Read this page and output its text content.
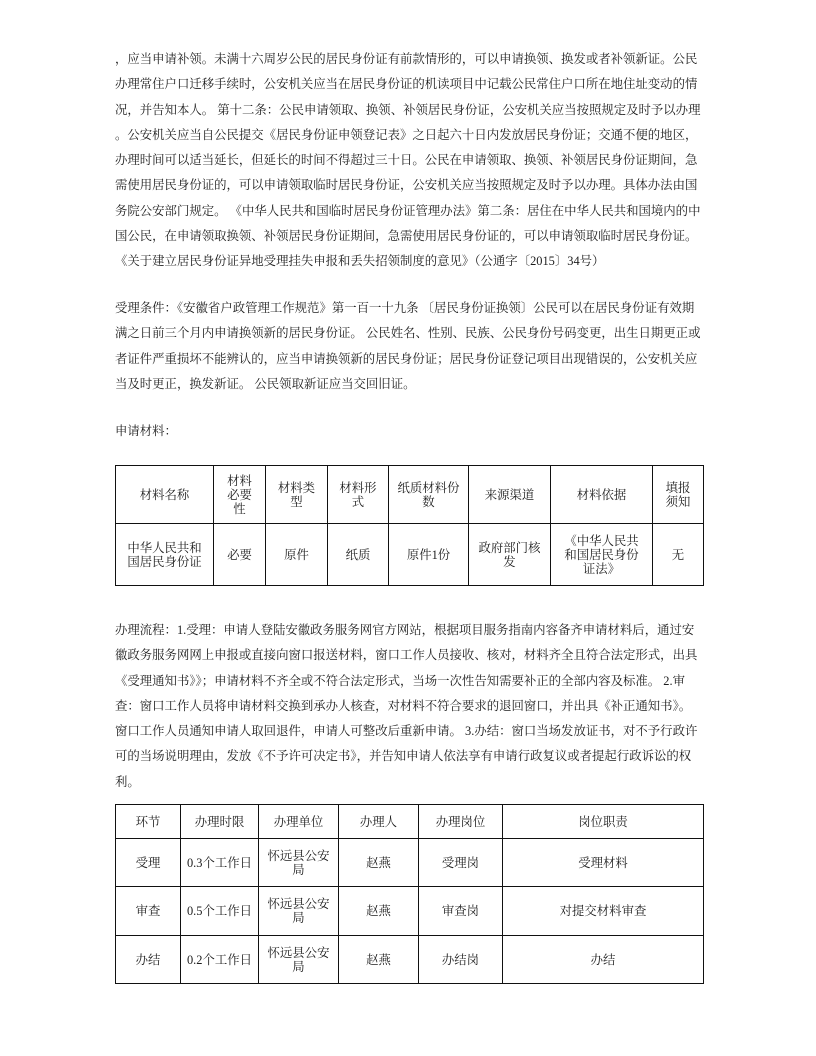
，应当申请补领。未满十六周岁公民的居民身份证有前款情形的，可以申请换领、换发或者补领新证。公民
办理常住户口迁移手续时，公安机关应当在居民身份证的机读项目中记载公民常住户口所在地住址变动的情
况，并告知本人。 第十二条：公民申请领取、换领、补领居民身份证，公安机关应当按照规定及时予以办理
。公安机关应当自公民提交《居民身份证申领登记表》之日起六十日内发放居民身份证；交通不便的地区，
办理时间可以适当延长，但延长的时间不得超过三十日。公民在申请领取、换领、补领居民身份证期间，急
需使用居民身份证的，可以申请领取临时居民身份证，公安机关应当按照规定及时予以办理。具体办法由国
务院公安部门规定。 《中华人民共和国临时居民身份证管理办法》第二条：居住在中华人民共和国境内的中
国公民，在申请领取换领、补领居民身份证期间，急需使用居民身份证的，可以申请领取临时居民身份证。
《关于建立居民身份证异地受理挂失申报和丢失招领制度的意见》（公通字〔2015〕34号）
受理条件：《安徽省户政管理工作规范》第一百一十九条 〔居民身份证换领〕公民可以在居民身份证有效期
满之日前三个月内申请换领新的居民身份证。 公民姓名、性别、民族、公民身份号码变更，出生日期更正或
者证件严重损坏不能辨认的，应当申请换领新的居民身份证；居民身份证登记项目出现错误的，公安机关应
当及时更正，换发新证。 公民领取新证应当交回旧证。
申请材料：
材料名称	材料必要性	材料类型	材料形式	纸质材料份数	来源渠道	材料依据	填报须知
中华人民共和国居民身份证	必要	原件	纸质	原件1份	政府部门核发	《中华人民共和国居民身份证法》	无
办理流程：1.受理：申请人登陆安徽政务服务网官方网站，根据项目服务指南内容备齐申请材料后，通过安
徽政务服务网网上申报或直接向窗口报送材料，窗口工作人员接收、核对，材料齐全且符合法定形式，出具
《受理通知书》》；申请材料不齐全或不符合法定形式，当场一次性告知需要补正的全部内容及标准。 2.审
查：窗口工作人员将申请材料交换到承办人核查，对材料不符合要求的退回窗口，并出具《补正通知书》。
窗口工作人员通知申请人取回退件，申请人可整改后重新申请。 3.办结：窗口当场发放证书，对不予行政许
可的当场说明理由，发放《不予许可决定书》，并告知申请人依法享有申请行政复议或者提起行政诉讼的权
利。
环节	办理时限	办理单位	办理人	办理岗位	岗位职责
受理	0.3个工作日	怀远县公安局	赵燕	受理岗	受理材料
审查	0.5个工作日	怀远县公安局	赵燕	审查岗	对提交材料审查
办结	0.2个工作日	怀远县公安局	赵燕	办结岗	办结
